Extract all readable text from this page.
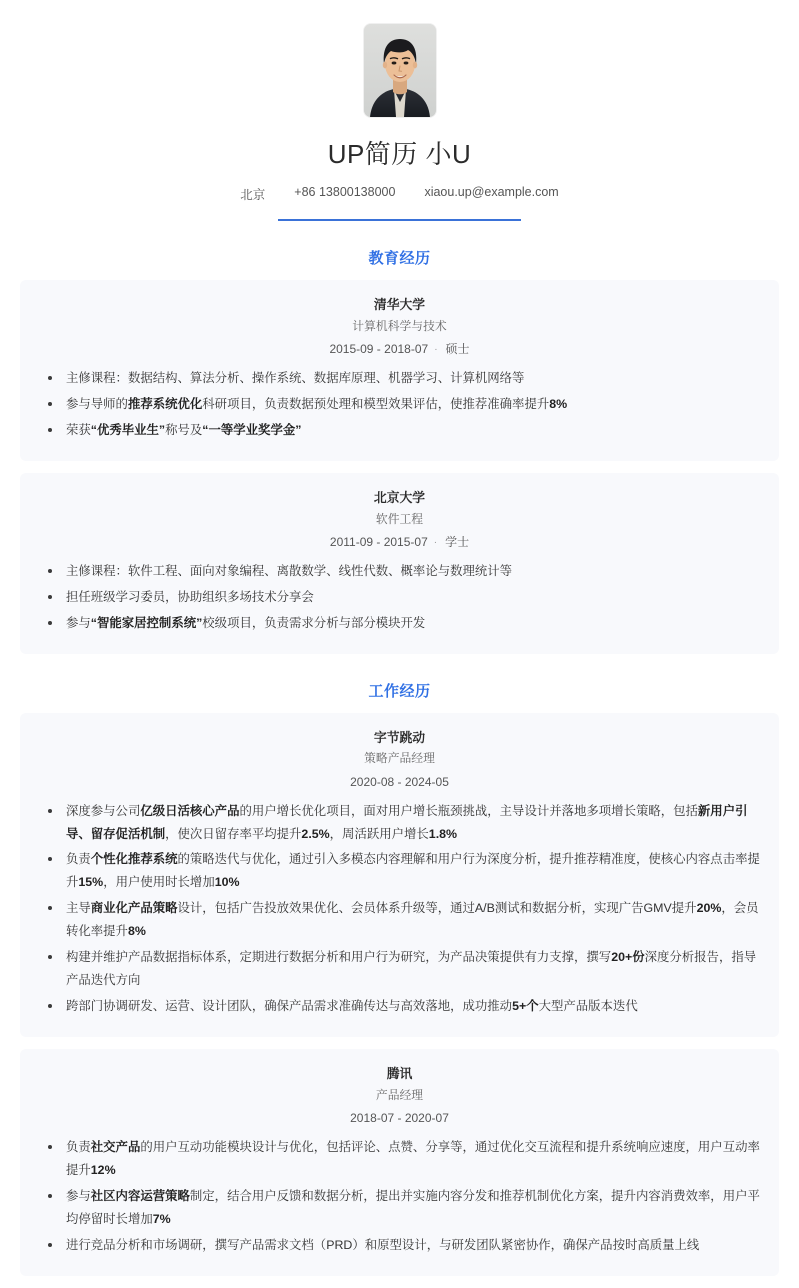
UP简历 小U
北京 +86 13800138000 xiaou.up@example.com
教育经历
清华大学
计算机科学与技术
2015-09 - 2018-07 · 硕士
主修课程：数据结构、算法分析、操作系统、数据库原理、机器学习、计算机网络等
参与导师的推荐系统优化科研项目，负责数据预处理和模型效果评估，使推荐准确率提升8%
荣获“优秀毕业生”称号及“一等学业奖学金”
北京大学
软件工程
2011-09 - 2015-07 · 学士
主修课程：软件工程、面向对象编程、离散数学、线性代数、概率论与数理统计等
担任班级学习委员，协助组织多场技术分享会
参与“智能家居控制系统”校级项目，负责需求分析与部分模块开发
工作经历
字节跳动
策略产品经理
2020-08 - 2024-05
深度参与公司亿级日活核心产品的用户增长优化项目，面对用户增长瓶颈挑战，主导设计并落地多项增长策略，包括新用户引导、留存促活机制，使次日留存率平均提升2.5%，周活跃用户增长1.8%
负责个性化推荐系统的策略迭代与优化，通过引入多模态内容理解和用户行为深度分析，提升推荐精准度，使核心内容点击率提升15%，用户使用时长增加10%
主导商业化产品策略设计，包括广告投放效果优化、会员体系升级等，通过A/B测试和数据分析，实现广告GMV提升20%，会员转化率提升8%
构建并维护产品数据指标体系，定期进行数据分析和用户行为研究，为产品决策提供有力支撑，撰写20+份深度分析报告，指导产品迭代方向
跨部门协调研发、运营、设计团队，确保产品需求准确传达与高效落地，成功推动5+个大型产品版本迭代
腾讯
产品经理
2018-07 - 2020-07
负责社交产品的用户互动功能模块设计与优化，包括评论、点赞、分享等，通过优化交互流程和提升系统响应速度，用户互动率提升12%
参与社区内容运营策略制定，结合用户反馈和数据分析，提出并实施内容分发和推荐机制优化方案，提升内容消费效率，用户平均停留时长增加7%
进行竞品分析和市场调研，撰写产品需求文档（PRD）和原型设计，与研发团队紧密协作，确保产品按时高质量上线
